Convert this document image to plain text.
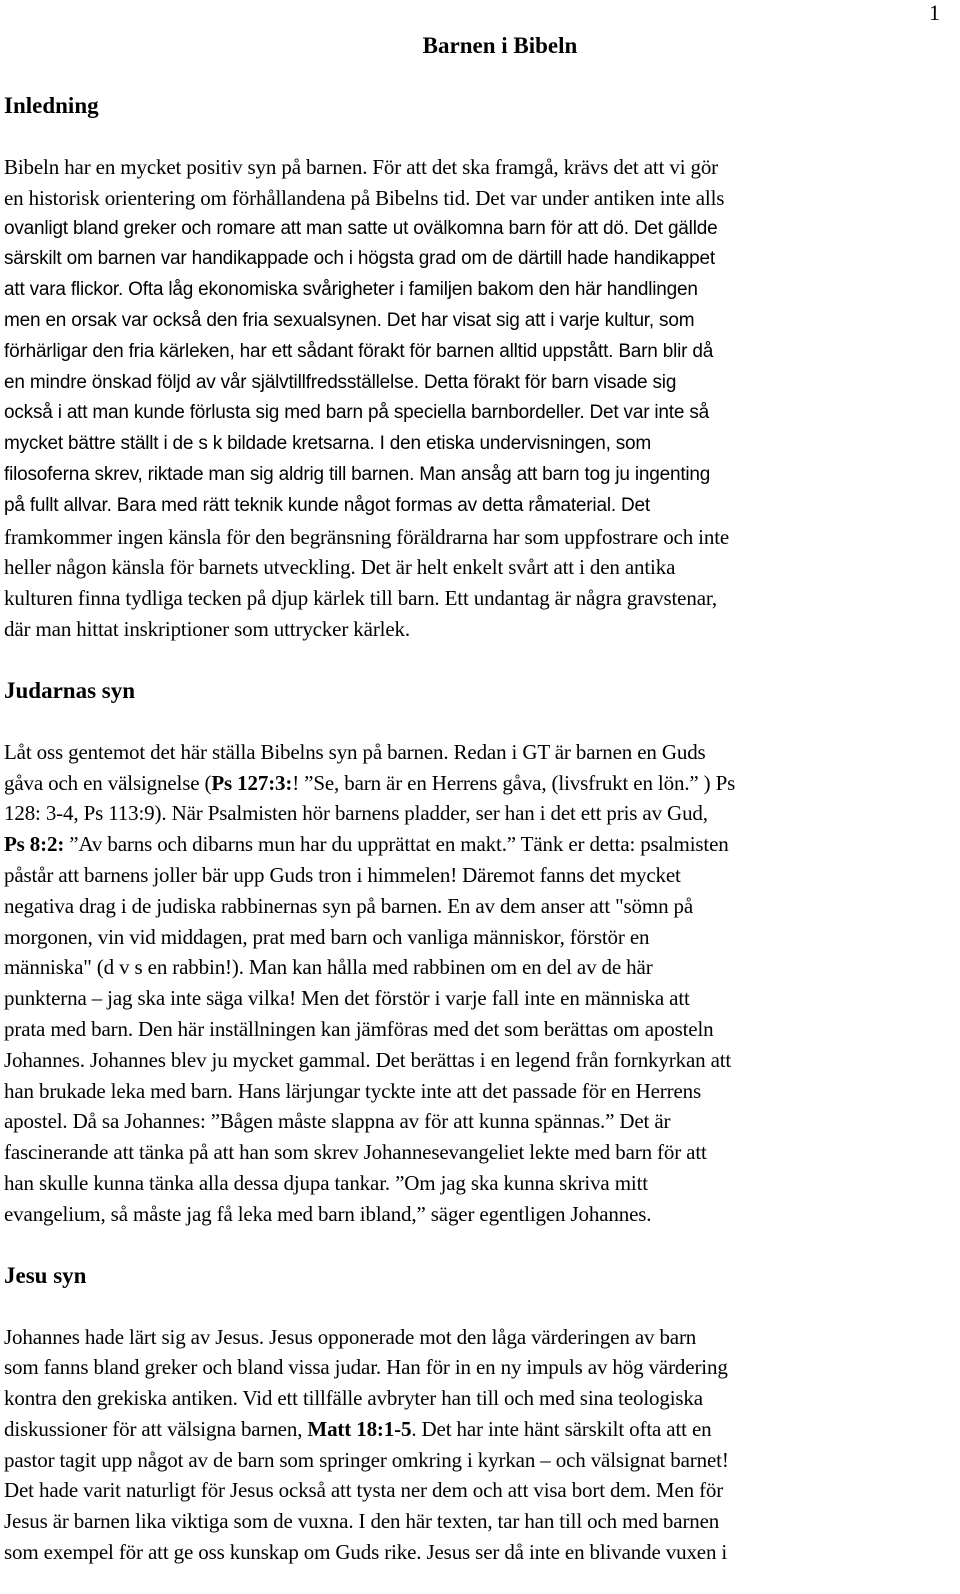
1
Barnen i Bibeln
Inledning

Bibeln har en mycket positiv syn på barnen. För att det ska framgå, krävs det att vi gör

en historisk orientering om förhållandena på Bibelns tid. Det var under antiken inte alls

ovanligt bland greker och romare att man satte ut ovälkomna barn för att dö. Det gällde

särskilt om barnen var handikappade och i högsta grad om de därtill hade handikappet

att vara flickor. Ofta låg ekonomiska svårigheter i familjen bakom den här handlingen

men en orsak var också den fria sexualsynen. Det har visat sig att i varje kultur, som

förhärligar den fria kärleken, har ett sådant förakt för barnen alltid uppstått. Barn blir då

en mindre önskad följd av vår självtillfredsställelse. Detta förakt för barn visade sig

också i att man kunde förlusta sig med barn på speciella barnbordeller. Det var inte så

mycket bättre ställt i de s k bildade kretsarna. I den etiska undervisningen, som

filosoferna skrev, riktade man sig aldrig till barnen. Man ansåg att barn tog ju ingenting

på fullt allvar. Bara med rätt teknik kunde något formas av detta råmaterial. Det

framkommer ingen känsla för den begränsning föräldrarna har som uppfostrare och inte

heller någon känsla för barnets utveckling. Det är helt enkelt svårt att i den antika

kulturen finna tydliga tecken på djup kärlek till barn. Ett undantag är några gravstenar,

där man hittat inskriptioner som uttrycker kärlek.

Judarnas syn

Låt oss gentemot det här ställa Bibelns syn på barnen. Redan i GT är barnen en Guds

gåva och en välsignelse (Ps 127:3:! ”Se, barn är en Herrens gåva, (livsfrukt en lön.” ) Ps

128: 3-4, Ps 113:9). När Psalmisten hör barnens pladder, ser han i det ett pris av Gud,

Ps 8:2: ”Av barns och dibarns mun har du upprättat en makt.” Tänk er detta: psalmisten

påstår att barnens joller bär upp Guds tron i himmelen! Däremot fanns det mycket

negativa drag i de judiska rabbinernas syn på barnen. En av dem anser att "sömn på

morgonen, vin vid middagen, prat med barn och vanliga människor, förstör en

människa" (d v s en rabbin!). Man kan hålla med rabbinen om en del av de här

punkterna – jag ska inte säga vilka! Men det förstör i varje fall inte en människa att

prata med barn. Den här inställningen kan jämföras med det som berättas om aposteln

Johannes. Johannes blev ju mycket gammal. Det berättas i en legend från fornkyrkan att

han brukade leka med barn. Hans lärjungar tyckte inte att det passade för en Herrens

apostel. Då sa Johannes: ”Bågen måste slappna av för att kunna spännas.” Det är

fascinerande att tänka på att han som skrev Johannesevangeliet lekte med barn för att

han skulle kunna tänka alla dessa djupa tankar. ”Om jag ska kunna skriva mitt

evangelium, så måste jag få leka med barn ibland,” säger egentligen Johannes.

Jesu syn

Johannes hade lärt sig av Jesus. Jesus opponerade mot den låga värderingen av barn

som fanns bland greker och bland vissa judar. Han för in en ny impuls av hög värdering

kontra den grekiska antiken. Vid ett tillfälle avbryter han till och med sina teologiska

diskussioner för att välsigna barnen, Matt 18:1-5. Det har inte hänt särskilt ofta att en

pastor tagit upp något av de barn som springer omkring i kyrkan – och välsignat barnet!

Det hade varit naturligt för Jesus också att tysta ner dem och att visa bort dem. Men för

Jesus är barnen lika viktiga som de vuxna. I den här texten, tar han till och med barnen

som exempel för att ge oss kunskap om Guds rike. Jesus ser då inte en blivande vuxen i
